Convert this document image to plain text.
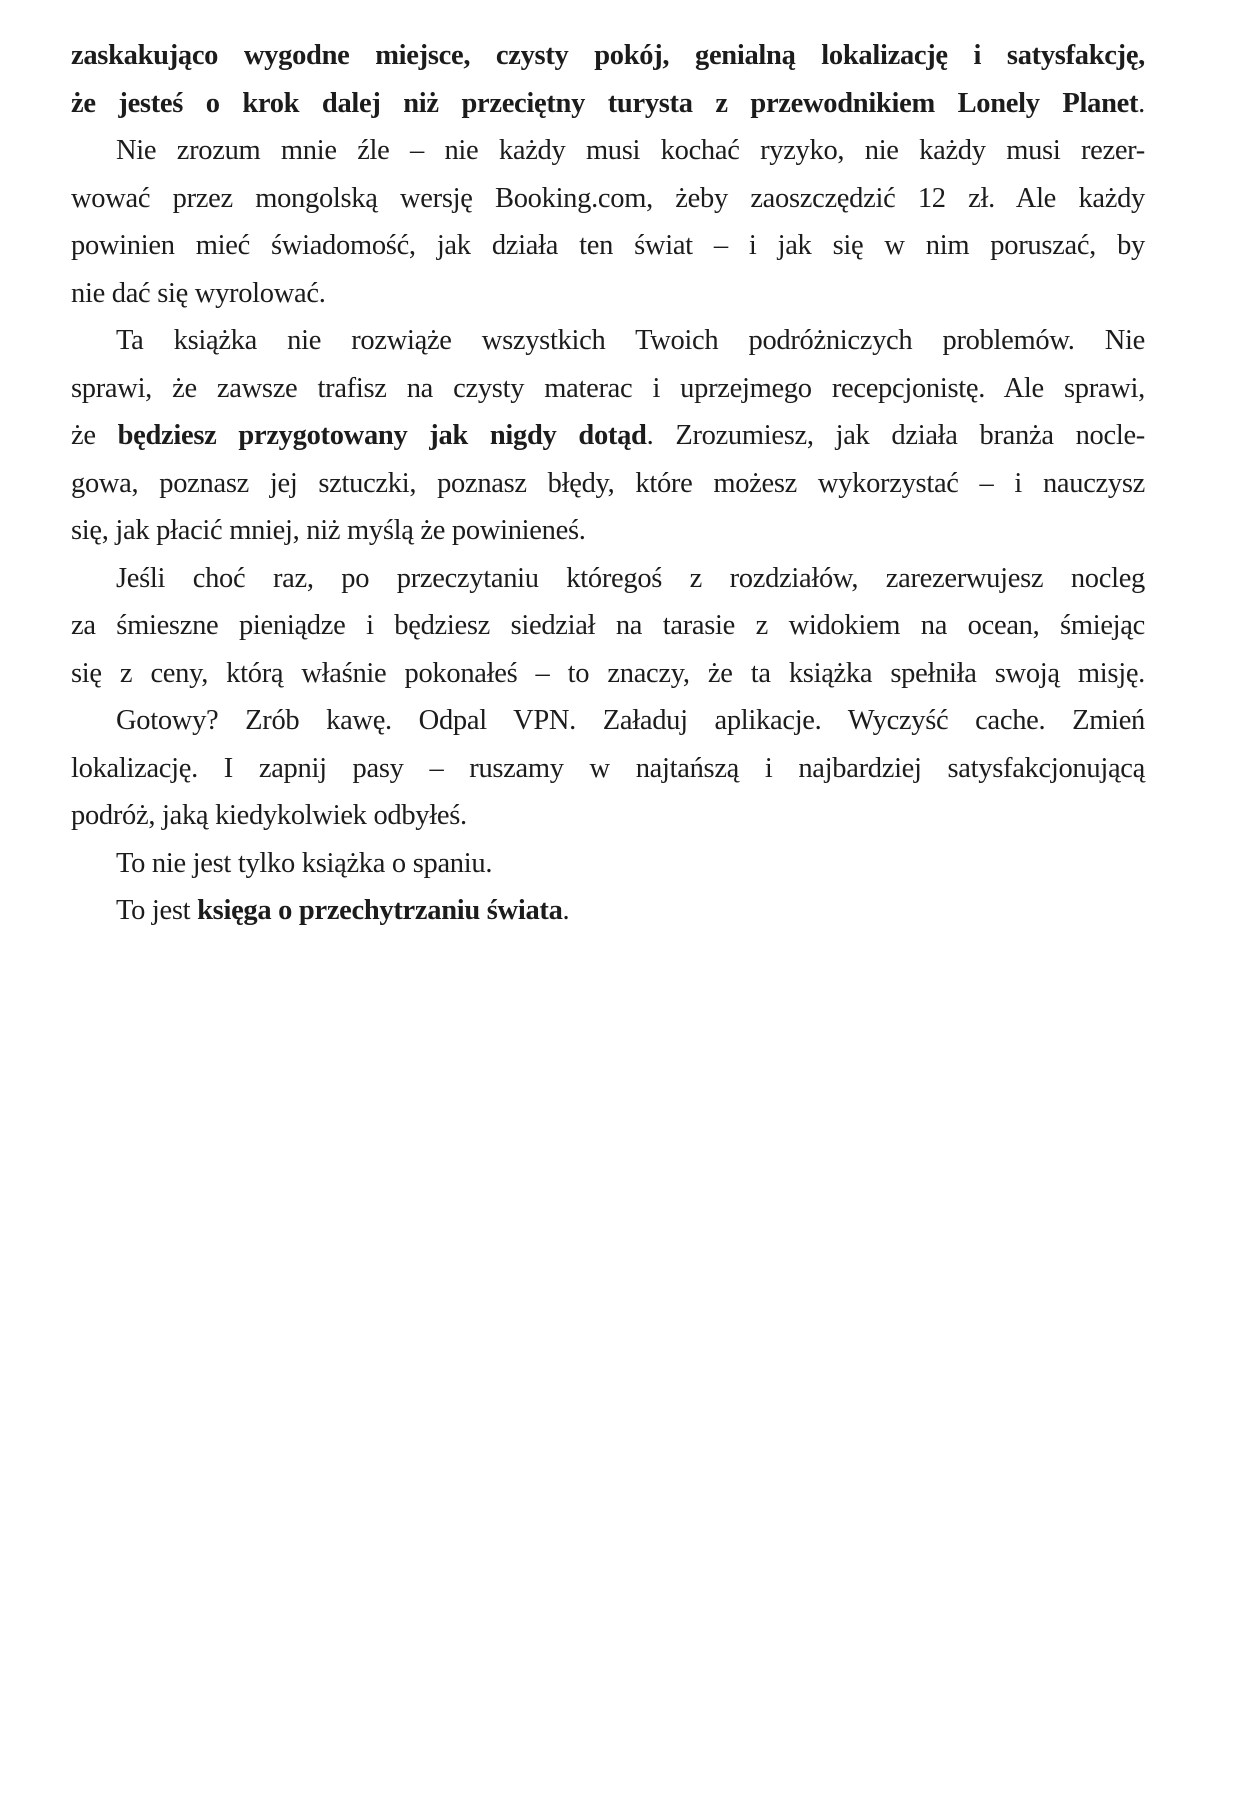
zaskakująco wygodne miejsce, czysty pokój, genialną lokalizację i satysfakcję,
że jesteś o krok dalej niż przeciętny turysta z przewodnikiem Lonely Planet.
Nie zrozum mnie źle – nie każdy musi kochać ryzyko, nie każdy musi rezer-
wować przez mongolską wersję Booking.com, żeby zaoszczędzić 12 zł. Ale każdy
powinien mieć świadomość, jak działa ten świat – i jak się w nim poruszać, by
nie dać się wyrolować.
Ta książka nie rozwiąże wszystkich Twoich podróżniczych problemów. Nie
sprawi, że zawsze trafisz na czysty materac i uprzejmego recepcjonistę. Ale sprawi,
że będziesz przygotowany jak nigdy dotąd. Zrozumiesz, jak działa branża nocle-
gowa, poznasz jej sztuczki, poznasz błędy, które możesz wykorzystać – i nauczysz
się, jak płacić mniej, niż myślą że powinieneś.
Jeśli choć raz, po przeczytaniu któregoś z rozdziałów, zarezerwujesz nocleg
za śmieszne pieniądze i będziesz siedział na tarasie z widokiem na ocean, śmiejąc
się z ceny, którą właśnie pokonałeś – to znaczy, że ta książka spełniła swoją misję.
Gotowy? Zrób kawę. Odpal VPN. Załaduj aplikacje. Wyczyść cache. Zmień
lokalizację. I zapnij pasy – ruszamy w najtańszą i najbardziej satysfakcjonującą
podróż, jaką kiedykolwiek odbyłeś.
To nie jest tylko książka o spaniu.
To jest księga o przechytrzaniu świata.
